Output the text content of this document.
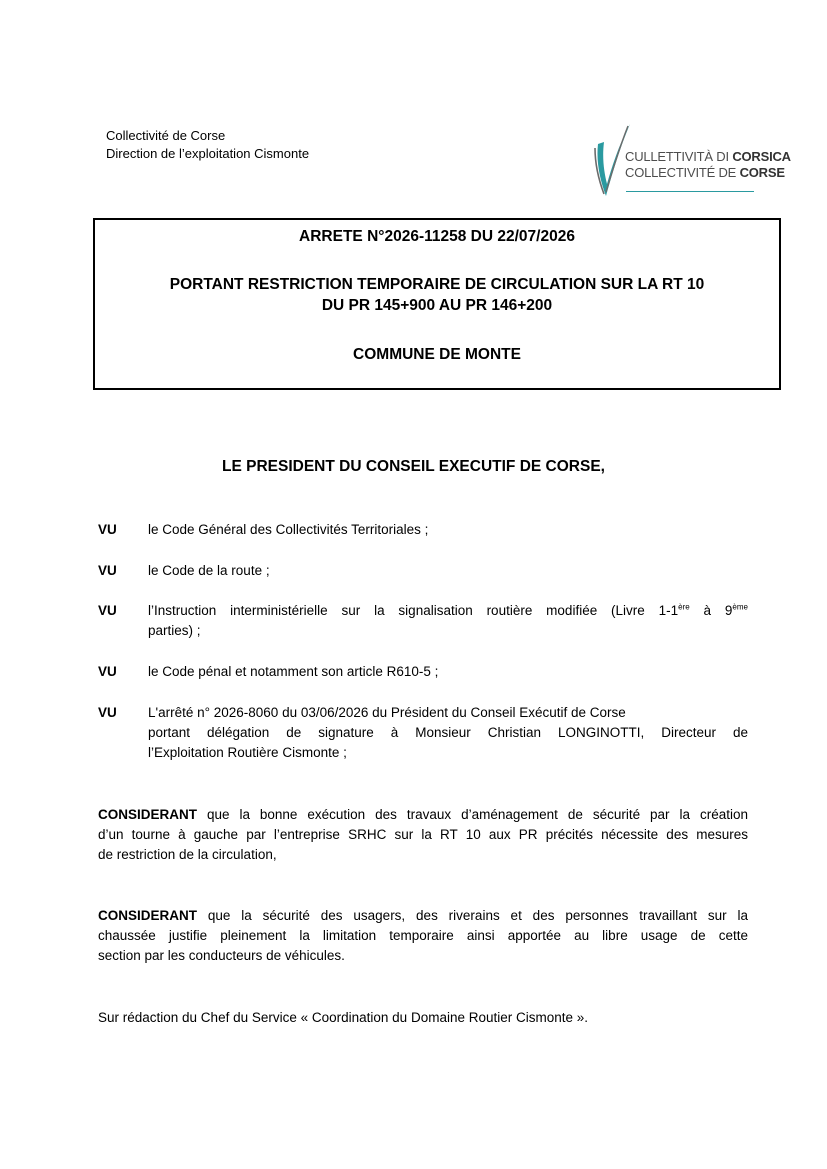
Collectivité de Corse
Direction de l’exploitation Cismonte	CULLETTIVITÀ DI CORSICA
COLLECTIVITÉ DE CORSE
ARRETE N°2026-11258 DU 22/07/2026
PORTANT RESTRICTION TEMPORAIRE DE CIRCULATION SUR LA RT 10
DU PR 145+900 AU PR 146+200
COMMUNE DE MONTE
LE PRESIDENT DU CONSEIL EXECUTIF DE CORSE,
VU le Code Général des Collectivités Territoriales ;
VU le Code de la route ;
VU l’Instruction interministérielle sur la signalisation routière modifiée (Livre 1-1ère à 9ème
parties) ;
VU le Code pénal et notamment son article R610-5 ;
VU L'arrêté n° 2026-8060 du 03/06/2026 du Président du Conseil Exécutif de Corse
portant délégation de signature à Monsieur Christian LONGINOTTI, Directeur de
l’Exploitation Routière Cismonte ;
CONSIDERANT que la bonne exécution des travaux d’aménagement de sécurité par la création
d’un tourne à gauche par l’entreprise SRHC sur la RT 10 aux PR précités nécessite des mesures
de restriction de la circulation,
CONSIDERANT que la sécurité des usagers, des riverains et des personnes travaillant sur la
chaussée justifie pleinement la limitation temporaire ainsi apportée au libre usage de cette
section par les conducteurs de véhicules.
Sur rédaction du Chef du Service « Coordination du Domaine Routier Cismonte ».
